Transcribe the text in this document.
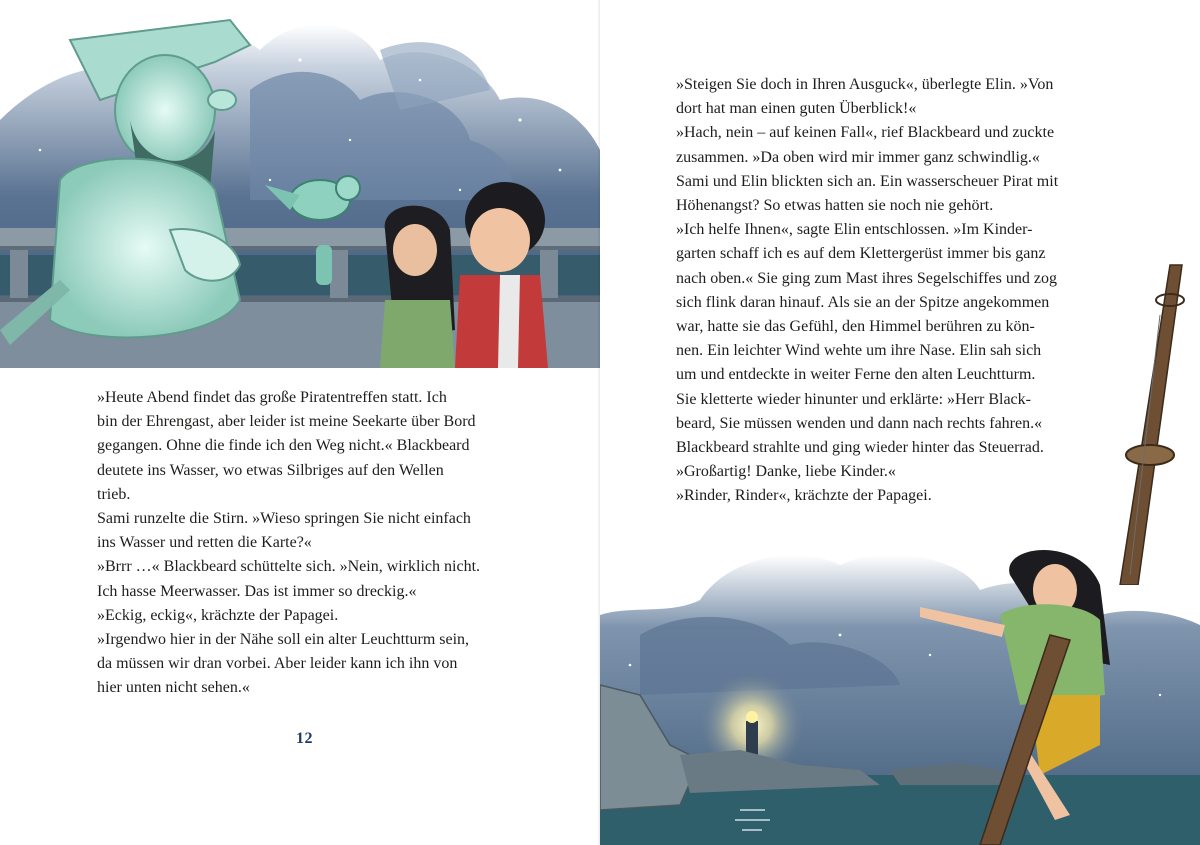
»Heute Abend findet das große Piratentreffen statt. Ich

bin der Ehrengast, aber leider ist meine Seekarte über Bord

gegangen. Ohne die finde ich den Weg nicht.« Blackbeard

deutete ins Wasser, wo etwas Silbriges auf den Wellen

trieb.

Sami runzelte die Stirn. »Wieso springen Sie nicht einfach

ins Wasser und retten die Karte?«

»Brrr …« Blackbeard schüttelte sich. »Nein, wirklich nicht.

Ich hasse Meerwasser. Das ist immer so dreckig.«

»Eckig, eckig«, krächzte der Papagei.

»Irgendwo hier in der Nähe soll ein alter Leuchtturm sein,

da müssen wir dran vorbei. Aber leider kann ich ihn von

hier unten nicht sehen.«

12

»Steigen Sie doch in Ihren Ausguck«, überlegte Elin. »Von

dort hat man einen guten Überblick!«

»Hach, nein – auf keinen Fall«, rief Blackbeard und zuckte

zusammen. »Da oben wird mir immer ganz schwindlig.«

Sami und Elin blickten sich an. Ein wasserscheuer Pirat mit

Höhenangst? So etwas hatten sie noch nie gehört.

»Ich helfe Ihnen«, sagte Elin entschlossen. »Im Kinder-

garten schaff ich es auf dem Klettergerüst immer bis ganz

nach oben.« Sie ging zum Mast ihres Segelschiffes und zog

sich flink daran hinauf. Als sie an der Spitze angekommen

war, hatte sie das Gefühl, den Himmel berühren zu kön-

nen. Ein leichter Wind wehte um ihre Nase. Elin sah sich

um und entdeckte in weiter Ferne den alten Leuchtturm.

Sie kletterte wieder hinunter und erklärte: »Herr Black-

beard, Sie müssen wenden und dann nach rechts fahren.«

Blackbeard strahlte und ging wieder hinter das Steuerrad.

»Großartig! Danke, liebe Kinder.«

»Rinder, Rinder«, krächzte der Papagei.
